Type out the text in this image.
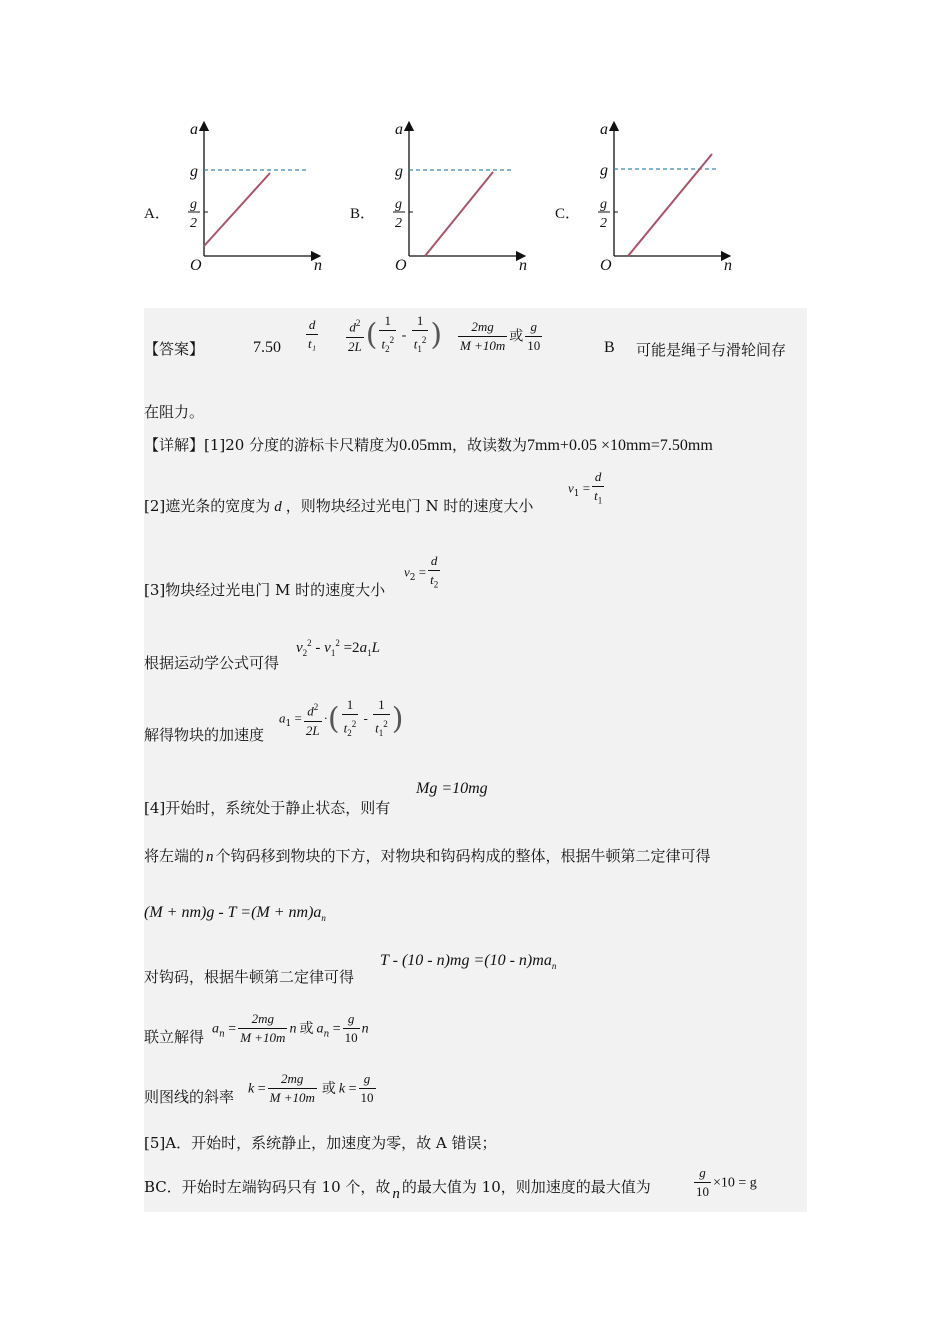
A．	B．	C．
a
n
O
g
g
2
a
n
O
g
g
2
a
n
O
g
g
2
【答案】	$7.50 \frac{d}{\text{t₁}} \frac{d^2}{2L}$ ( $\frac{1}{t_2^2} - \frac{1}{t_1^2}$ ) $\frac{2mg}{M +10m}$ 或 $\frac{g}{10}$	B 可能是绳子与滑轮间存
在阻力。
【详解】[1]20 分度的游标卡尺精度为0.05mm，故读数为7mm+0.05 ×10mm=7.50mm
[2]遮光条的宽度为 d ，则物块经过光电门 N 时的速度大小
$v_1 = \frac{d}{t_1}$
[3]物块经过光电门 M 时的速度大小
$v_2 = \frac{d}{t_2}$
根据运动学公式可得
$v_2^2 - v_1^2 =2a_1L$
解得物块的加速度
$a_1 = \frac{d^2}{2L}$ ·( $\frac{1}{t_2^2} - \frac{1}{t_1^2}$ )
[4]开始时，系统处于静止状态，则有
Mg =10mg
将左端的 n 个钩码移到物块的下方，对物块和钩码构成的整体，根据牛顿第二定律可得
$(M + nm)g - T =(M + nm)a_n$
对钩码，根据牛顿第二定律可得
$T - (10 - n)mg =(10 - n)ma_n$
联立解得 $a_n = \frac{2mg}{M +10m}$ n 或 $a_n = \frac{g}{10}$ n
则图线的斜率 $k = \frac{2mg}{M +10m}$ 或 $k = \frac{g}{10}$
[5]A．开始时，系统静止，加速度为零，故 A 错误；
BC．开始时左端钩码只有 10 个，故 n 的最大值为 10，则加速度的最大值为	$\frac{g}{10} \times 10 = g$
